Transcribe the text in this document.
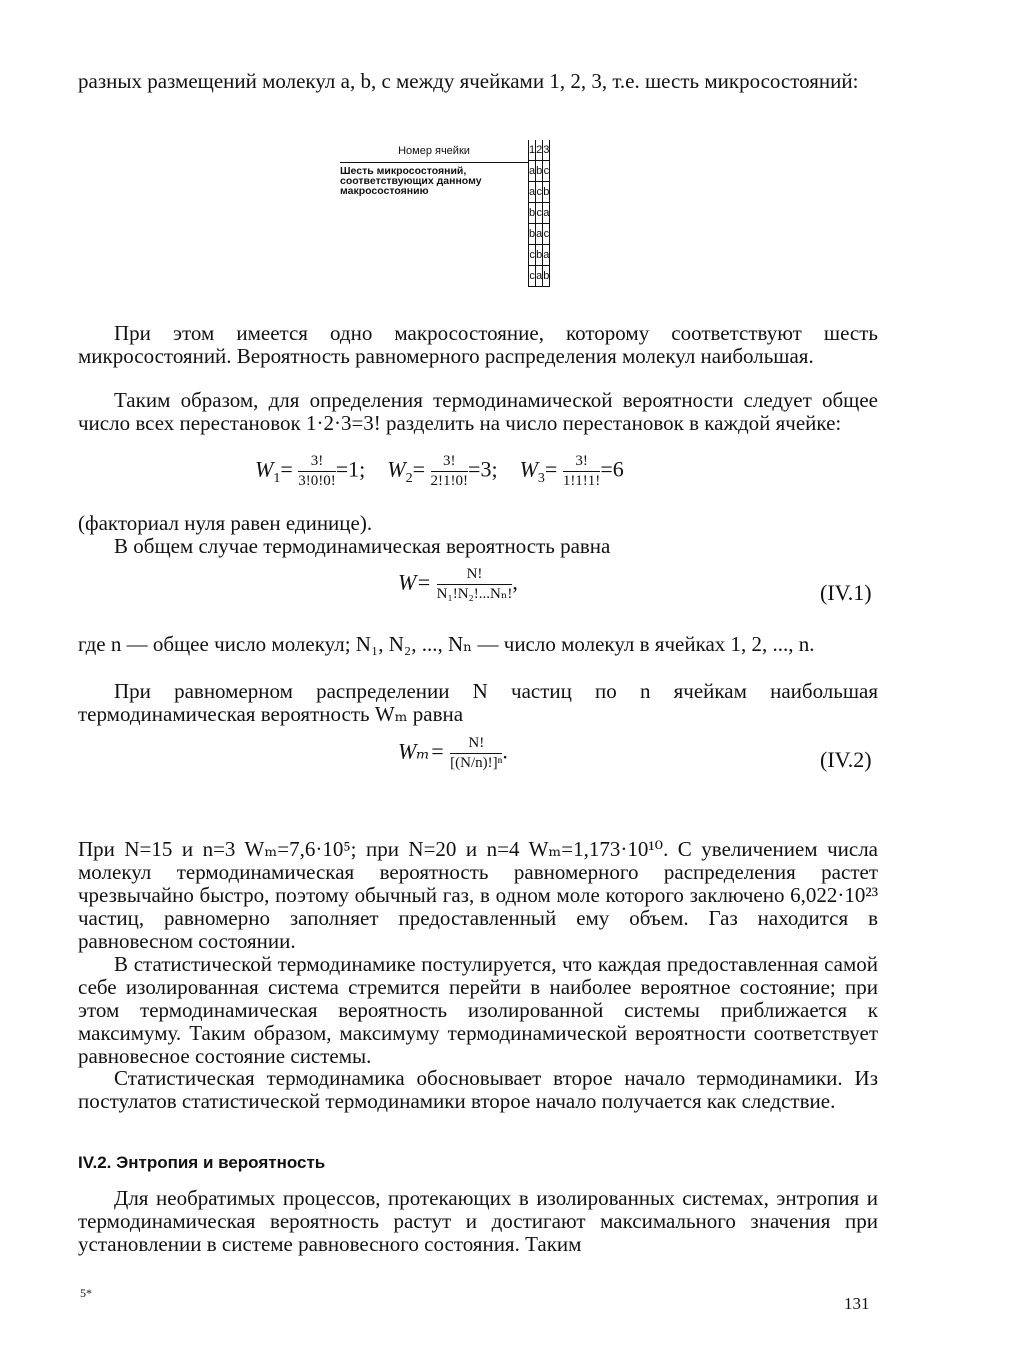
разных размещений молекул a, b, c между ячейками 1, 2, 3, т.е. шесть микросостояний:

Номер ячейки
Шесть микросостояний, соответствующих данному макросостоянию
1	2	3
a	b	c
a	c	b
b	c	a
b	a	c
c	b	a
c	a	b

При этом имеется одно макросостояние, которому соответствуют шесть микросостояний. Вероятность равномерного распределения молекул наибольшая.

Таким образом, для определения термодинамической вероятности следует общее число всех перестановок 1·2·3=3! разделить на число перестановок в каждой ячейке:

$W_1= \frac{3!}{3!0!0!} =1$; $W_2= \frac{3!}{2!1!0!} =3$; $W_3= \frac{3!}{1!1!1!} =6$

(факториал нуля равен единице).

В общем случае термодинамическая вероятность равна

$W= \frac{N!}{\text{N₁!N₂!...Nₙ!}}$ ,	(IV.1)

где n — общее число молекул; N₁, N₂, ..., Nₙ — число молекул в ячейках 1, 2, ..., n.

При равномерном распределении N частиц по n ячейкам наибольшая термодинамическая вероятность Wₘ равна

$W_m= \frac{N!}{\text{[(N/n)!]ⁿ}}$ .	(IV.2)

При N=15 и n=3 Wₘ=7,6·10⁵; при N=20 и n=4 Wₘ=1,173·10¹⁰. С увеличением числа молекул термодинамическая вероятность равномерного распределения растет чрезвычайно быстро, поэтому обычный газ, в одном моле которого заключено 6,022·10²³ частиц, равномерно заполняет предоставленный ему объем. Газ находится в равновесном состоянии.

В статистической термодинамике постулируется, что каждая предоставленная самой себе изолированная система стремится перейти в наиболее вероятное состояние; при этом термодинамическая вероятность изолированной системы приближается к максимуму. Таким образом, максимуму термодинамической вероятности соответствует равновесное состояние системы.

Статистическая термодинамика обосновывает второе начало термодинамики. Из постулатов статистической термодинамики второе начало получается как следствие.

IV.2. Энтропия и вероятность

Для необратимых процессов, протекающих в изолированных системах, энтропия и термодинамическая вероятность растут и достигают максимального значения при установлении в системе равновесного состояния. Таким

5*
131
